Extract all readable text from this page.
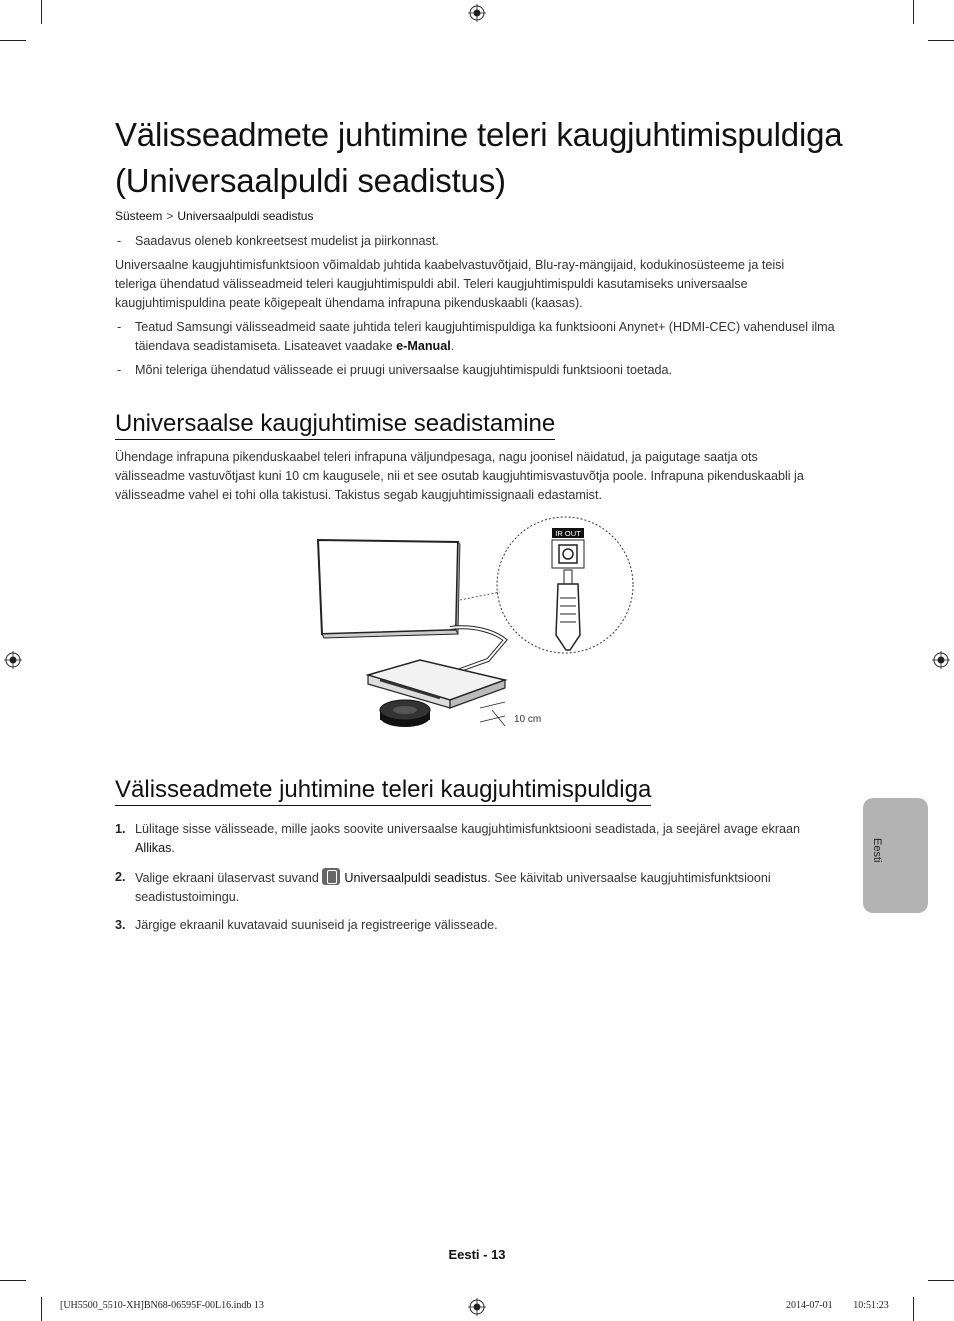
Välisseadmete juhtimine teleri kaugjuhtimispuldiga (Universaalpuldi seadistus)
Süsteem > Universaalpuldi seadistus
- Saadavus oleneb konkreetsest mudelist ja piirkonnast.
Universaalne kaugjuhtimisfunktsioon võimaldab juhtida kaabelvastuvõtjaid, Blu-ray-mängijaid, kodukinosüsteeme ja teisi teleriga ühendatud välisseadmeid teleri kaugjuhtimispuldi abil. Teleri kaugjuhtimispuldi kasutamiseks universaalse kaugjuhtimispuldina peate kõigepealt ühendama infrapuna pikenduskaabli (kaasas).
- Teatud Samsungi välisseadmeid saate juhtida teleri kaugjuhtimispuldiga ka funktsiooni Anynet+ (HDMI-CEC) vahendusel ilma täiendava seadistamiseta. Lisateavet vaadake e-Manual.
- Mõni teleriga ühendatud välisseade ei pruugi universaalse kaugjuhtimispuldi funktsiooni toetada.
Universaalse kaugjuhtimise seadistamine
Ühendage infrapuna pikenduskaabel teleri infrapuna väljundpesaga, nagu joonisel näidatud, ja paigutage saatja ots välisseadme vastuvõtjast kuni 10 cm kaugusele, nii et see osutab kaugjuhtimisvastuvõtja poole. Infrapuna pikenduskaabli ja välisseadme vahel ei tohi olla takistusi. Takistus segab kaugjuhtimissignaali edastamist.
10 cm
IR OUT
Välisseadmete juhtimine teleri kaugjuhtimispuldiga
1. Lülitage sisse välisseade, mille jaoks soovite universaalse kaugjuhtimisfunktsiooni seadistada, ja seejärel avage ekraan
Allikas.
2. Valige ekraani ülaservast suvand
Universaalpuldi seadistus. See käivitab universaalse kaugjuhtimisfunktsiooni seadistustoimingu.
3. Järgige ekraanil kuvatavaid suuniseid ja registreerige välisseade.
Eesti
Eesti - 13
[UH5500_5510-XH]BN68-06595F-00L16.indb 13	2014-07-01 ￿￿ 10:51:23
